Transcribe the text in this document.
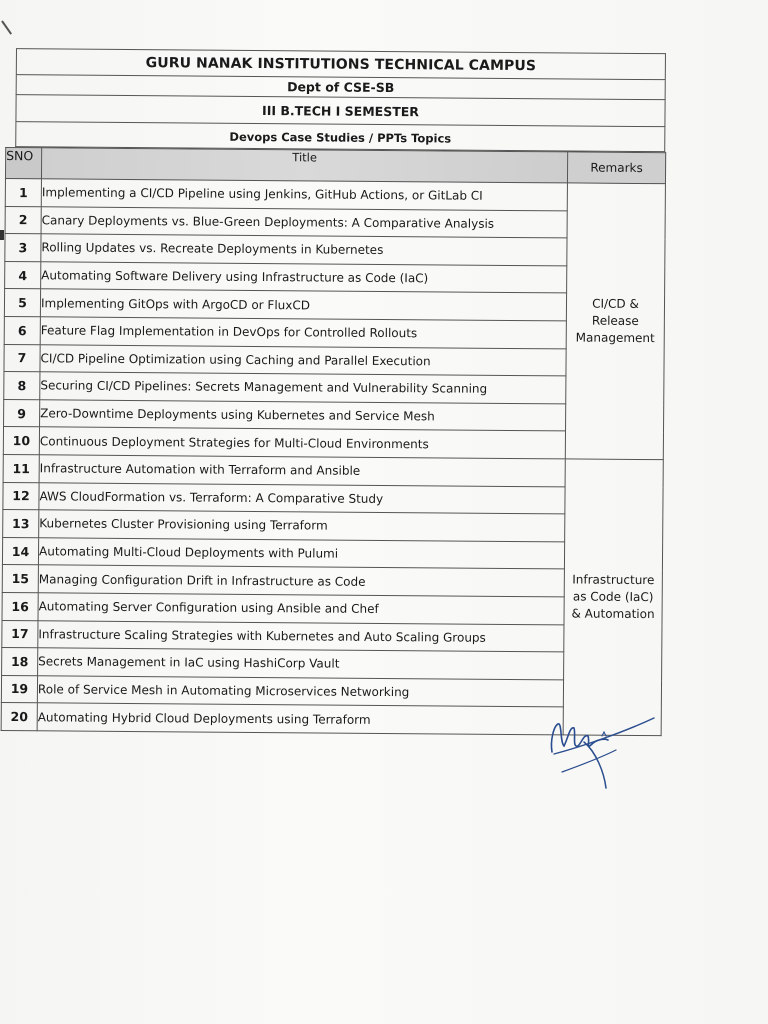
GURU NANAK INSTITUTIONS TECHNICAL CAMPUS
Dept of CSE-SB
III B.TECH I SEMESTER
Devops Case Studies / PPTs Topics
SNO	Title	Remarks
1	Implementing a CI/CD Pipeline using Jenkins, GitHub Actions, or GitLab CI	CI/CD &
Release
Management

2	Canary Deployments vs. Blue-Green Deployments: A Comparative Analysis	
3	Rolling Updates vs. Recreate Deployments in Kubernetes	
4	Automating Software Delivery using Infrastructure as Code (IaC)	
5	Implementing GitOps with ArgoCD or FluxCD	
6	Feature Flag Implementation in DevOps for Controlled Rollouts	
7	CI/CD Pipeline Optimization using Caching and Parallel Execution	
8	Securing CI/CD Pipelines: Secrets Management and Vulnerability Scanning	
9	Zero-Downtime Deployments using Kubernetes and Service Mesh	
10	Continuous Deployment Strategies for Multi-Cloud Environments	
11	Infrastructure Automation with Terraform and Ansible	Infrastructure
as Code (IaC)
& Automation

12	AWS CloudFormation vs. Terraform: A Comparative Study	
13	Kubernetes Cluster Provisioning using Terraform	
14	Automating Multi-Cloud Deployments with Pulumi	
15	Managing Configuration Drift in Infrastructure as Code	
16	Automating Server Configuration using Ansible and Chef	
17	Infrastructure Scaling Strategies with Kubernetes and Auto Scaling Groups	
18	Secrets Management in IaC using HashiCorp Vault	
19	Role of Service Mesh in Automating Microservices Networking	
20	Automating Hybrid Cloud Deployments using Terraform	
